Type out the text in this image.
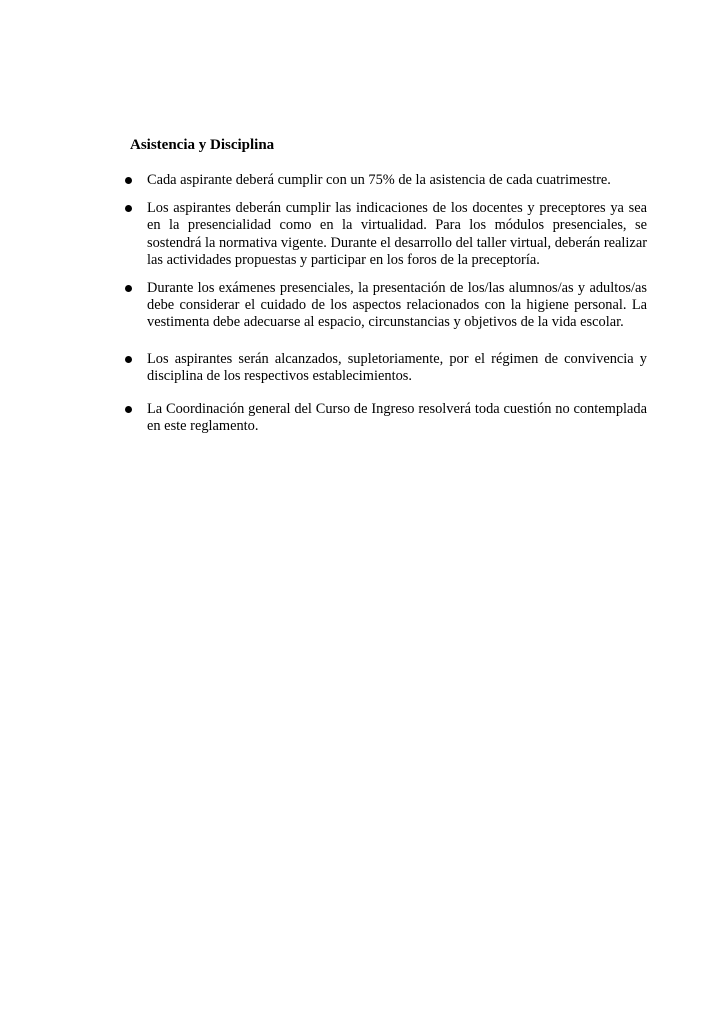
Asistencia y Disciplina
Cada aspirante deberá cumplir con un 75% de la asistencia de cada cuatrimestre.
Los aspirantes deberán cumplir las indicaciones de los docentes y preceptores ya sea en la presencialidad como en la virtualidad. Para los módulos presenciales, se sostendrá la normativa vigente. Durante el desarrollo del taller virtual, deberán realizar las actividades propuestas y participar en los foros de la preceptoría.
Durante los exámenes presenciales, la presentación de los/las alumnos/as y adultos/as debe considerar el cuidado de los aspectos relacionados con la higiene personal. La vestimenta debe adecuarse al espacio, circunstancias y objetivos de la vida escolar.
Los aspirantes serán alcanzados, supletoriamente, por el régimen de convivencia y disciplina de los respectivos establecimientos.
La Coordinación general del Curso de Ingreso resolverá toda cuestión no contemplada en este reglamento.
